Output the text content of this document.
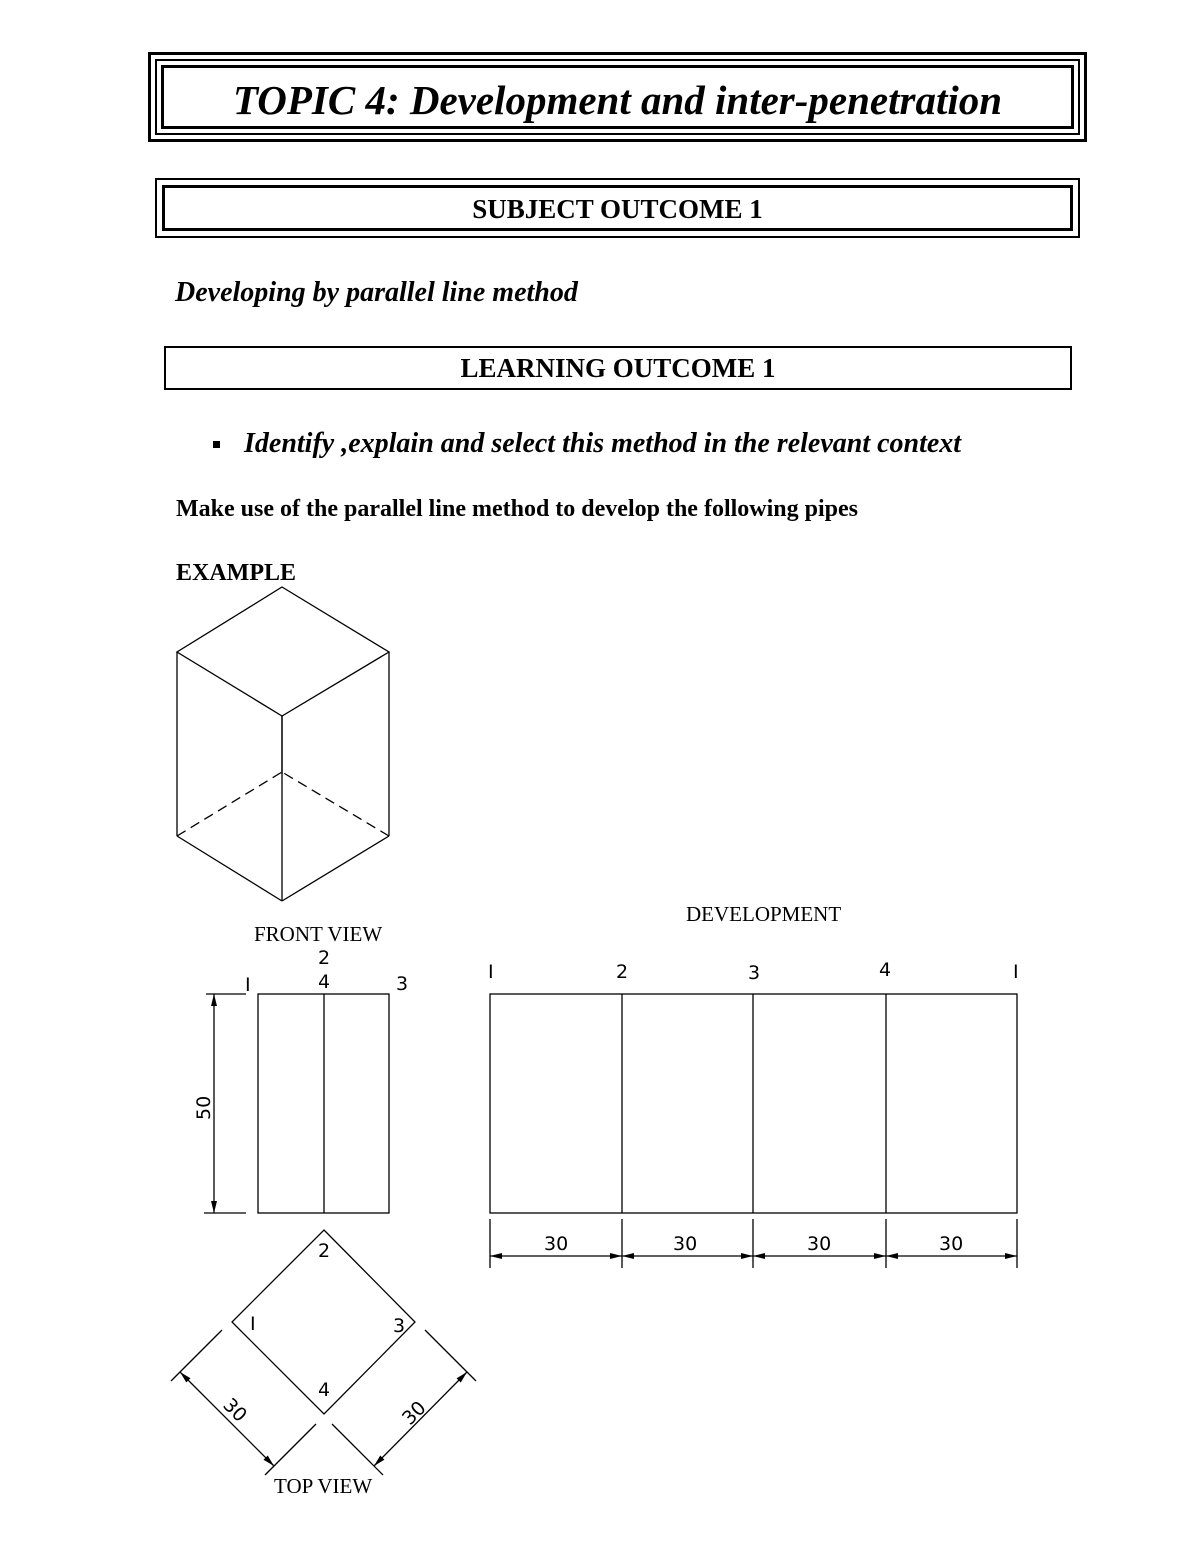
TOPIC 4: Development and inter-penetration
SUBJECT OUTCOME 1
Developing by parallel line method
LEARNING OUTCOME 1
Identify ,explain and select this method in the relevant context
Make use of the parallel line method to develop the following pipes
EXAMPLE
FRONT VIEW
I
2
4	3
50
2
I	3
4
30	30
TOP VIEW
DEVELOPMENT
I	2	3	4	I
30	30	30	30
